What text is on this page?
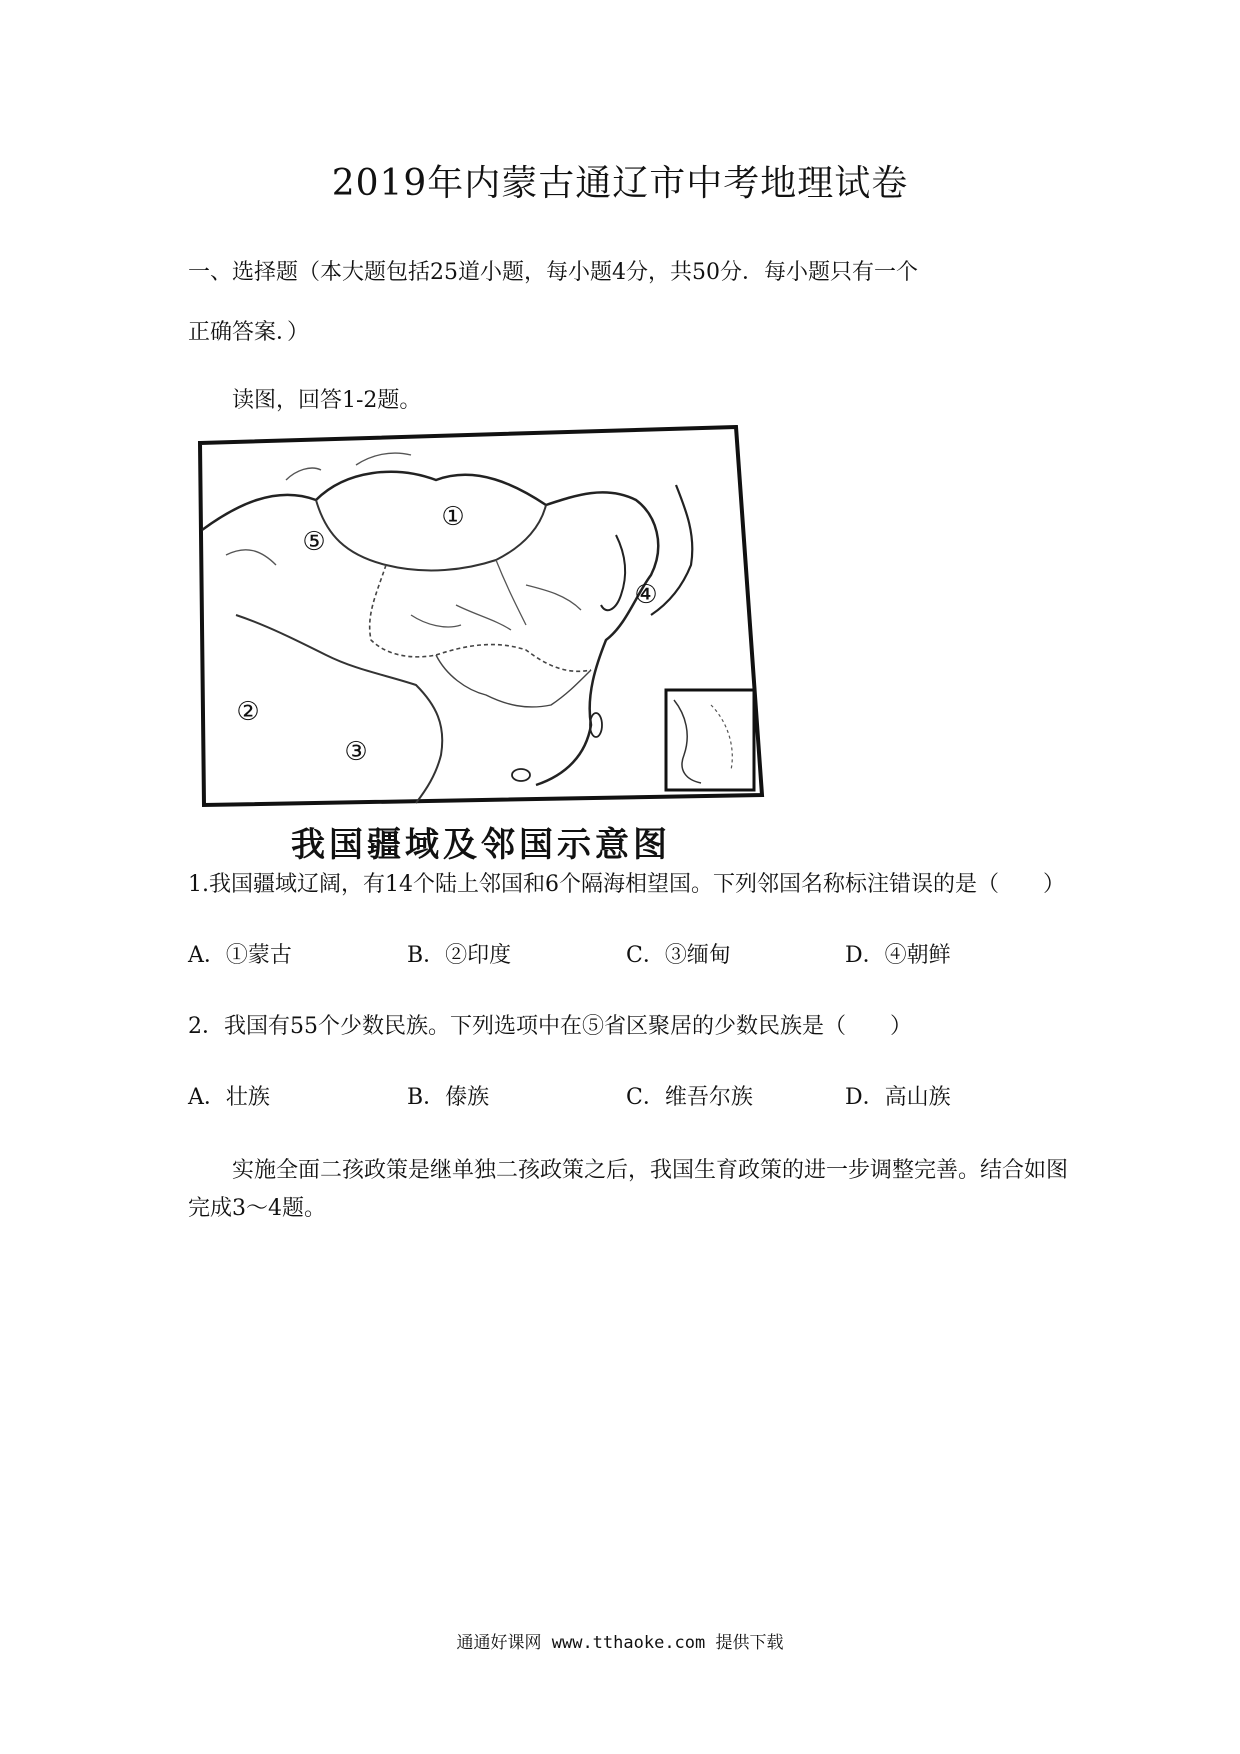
2019年内蒙古通辽市中考地理试卷
一、选择题（本大题包括25道小题，每小题4分，共50分．每小题只有一个
正确答案．）
读图，回答1-2题。
①
②
③
④
⑤
我国疆域及邻国示意图
1.我国疆域辽阔，有14个陆上邻国和6个隔海相望国。下列邻国名称标注错误的是（　　）
A．①蒙古	B．②印度	C．③缅甸	D．④朝鲜
2．我国有55个少数民族。下列选项中在⑤省区聚居的少数民族是（　　）
A．壮族	B．傣族	C．维吾尔族	D．高山族
实施全面二孩政策是继单独二孩政策之后，我国生育政策的进一步调整完善。结合如图
完成3～4题。
通通好课网 www.tthaoke.com 提供下载
